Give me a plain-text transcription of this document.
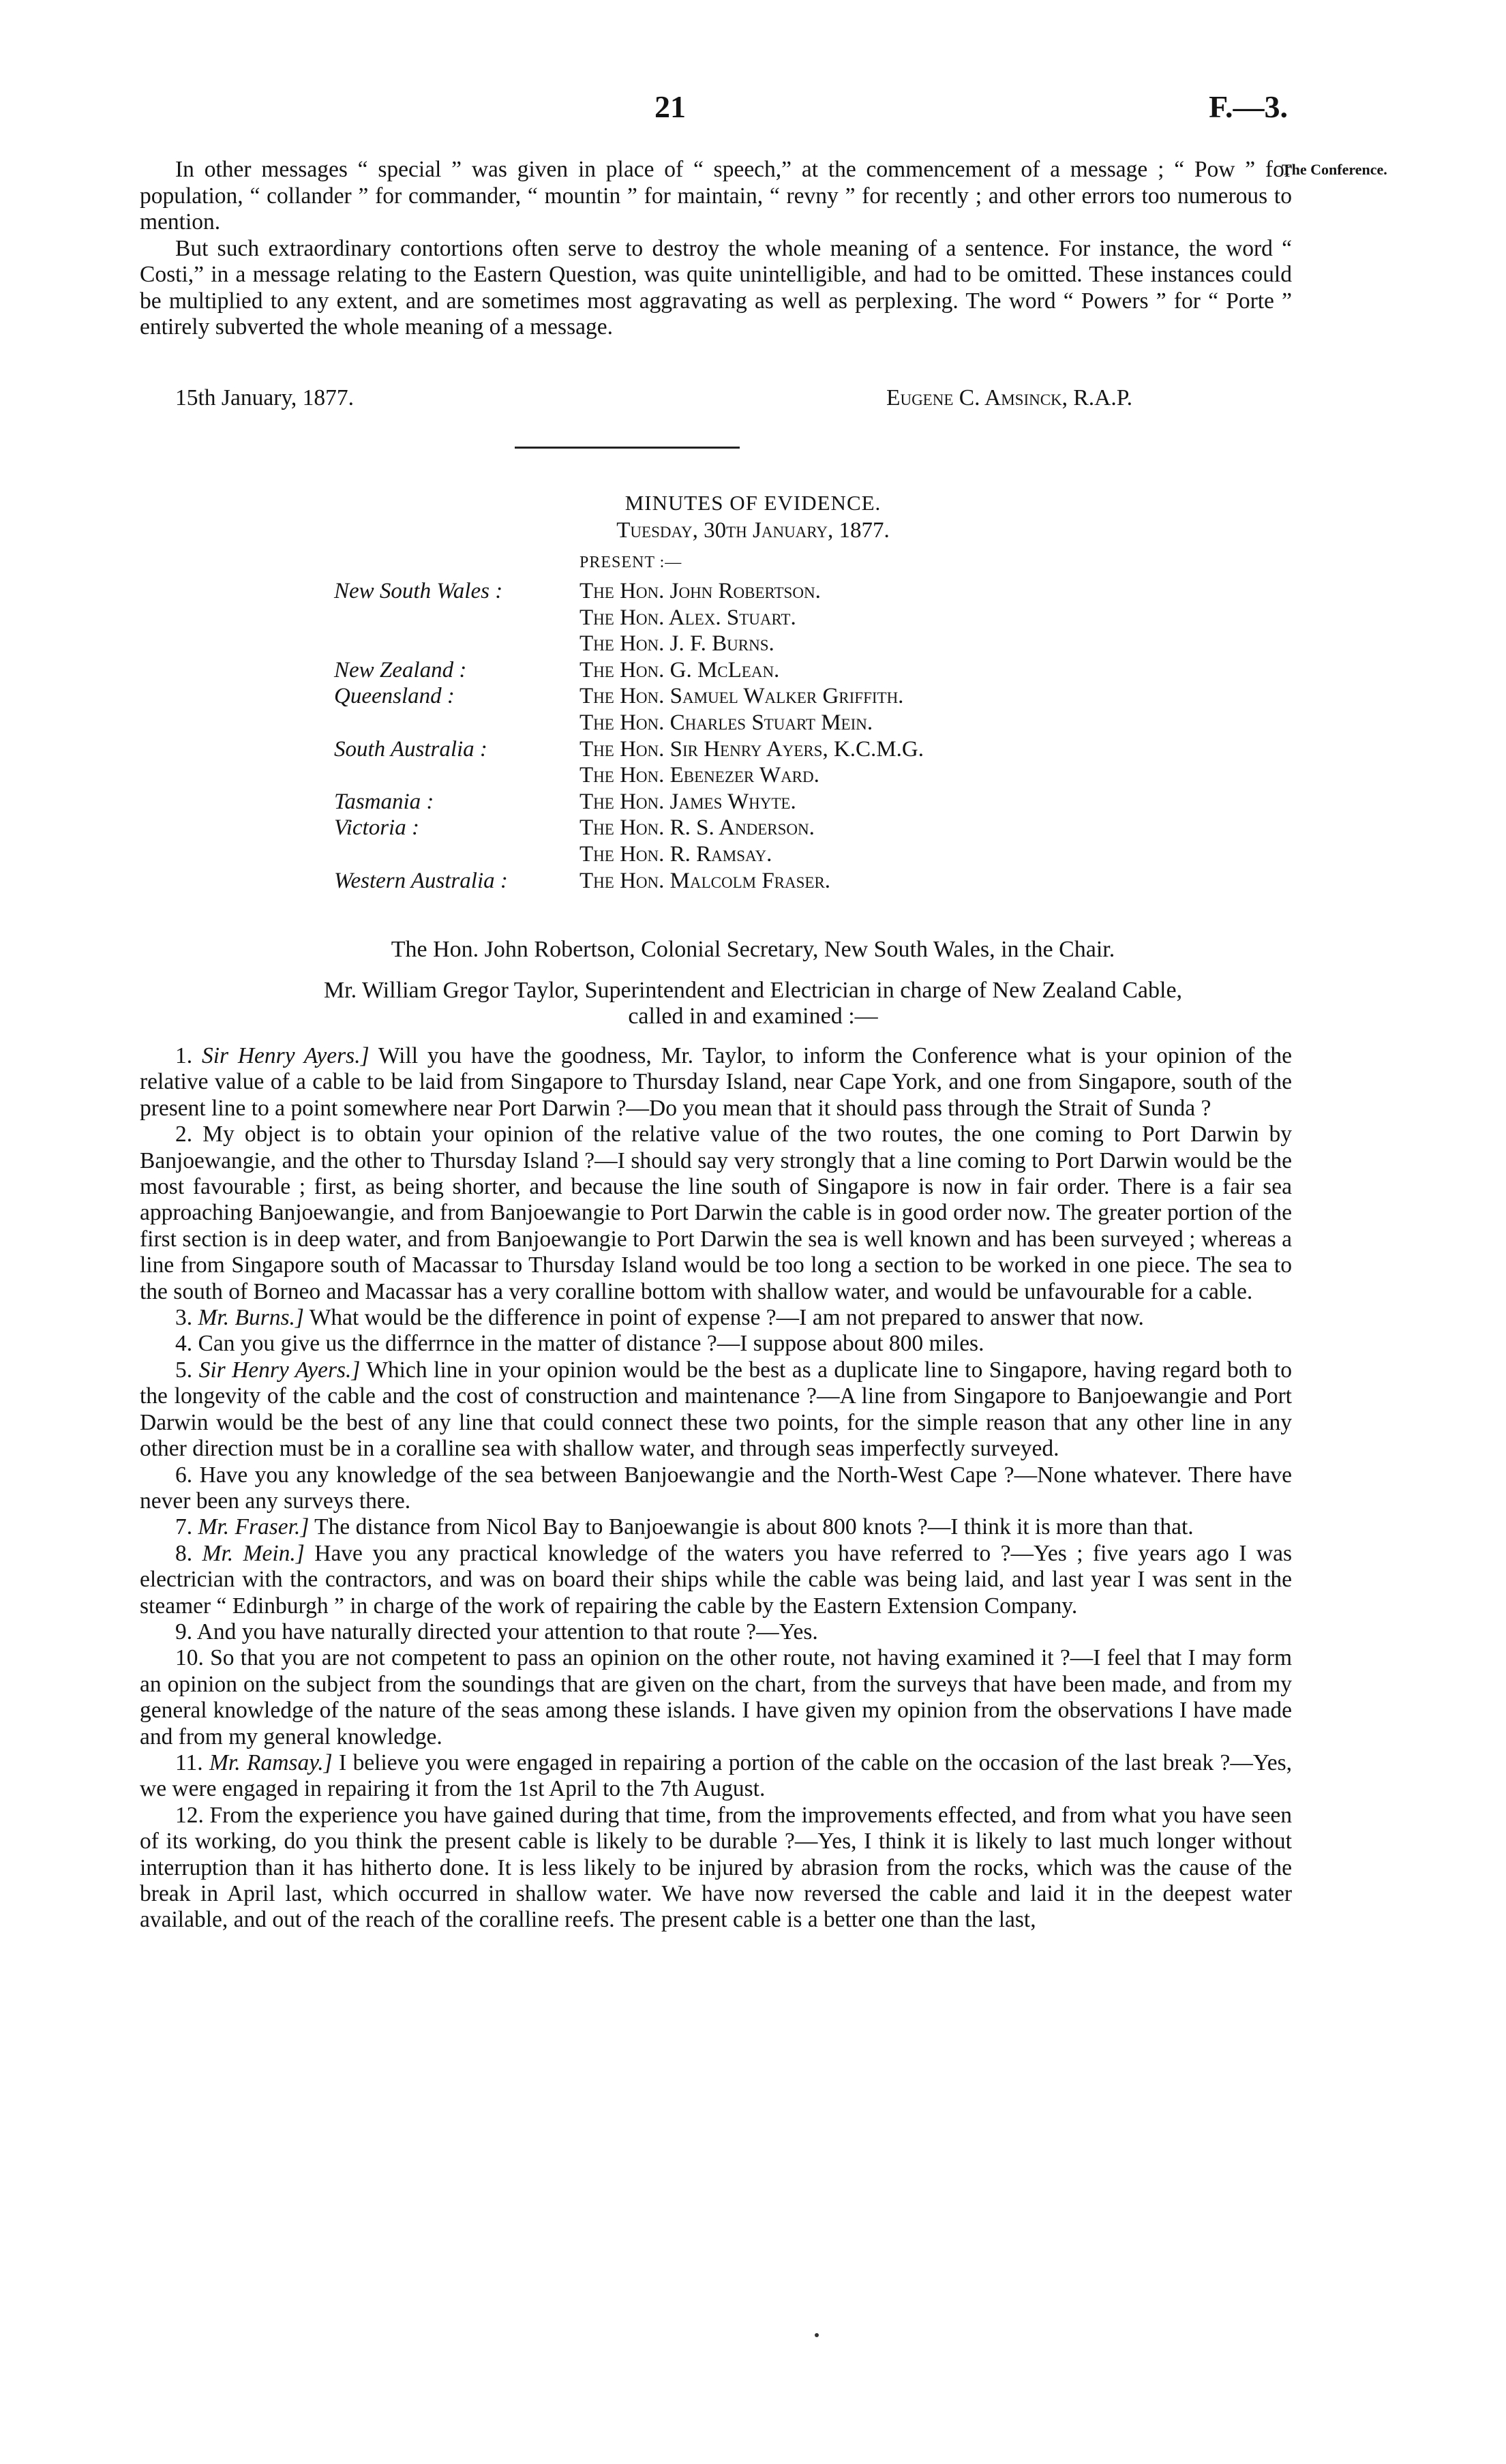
21	F.—3.
The Conference.

In other messages “ special ” was given in place of “ speech,” at the commencement of a message ; “ Pow ” for population, “ collander ” for commander, “ mountin ” for maintain, “ revny ” for recently ; and other errors too numerous to mention.

But such extraordinary contortions often serve to destroy the whole meaning of a sentence. For instance, the word “ Costi,” in a message relating to the Eastern Question, was quite unintelligible, and had to be omitted. These instances could be multiplied to any extent, and are sometimes most aggravating as well as perplexing. The word “ Powers ” for “ Porte ” entirely subverted the whole meaning of a message.

15th January, 1877.	Eugene C. Amsinck, R.A.P.
MINUTES OF EVIDENCE.
Tuesday, 30th January, 1877.
PRESENT :—
New South Wales :	The Hon. John Robertson.
The Hon. Alex. Stuart.
The Hon. J. F. Burns.
New Zealand :	The Hon. G. McLean.
Queensland :	The Hon. Samuel Walker Griffith.
The Hon. Charles Stuart Mein.
South Australia :	The Hon. Sir Henry Ayers, K.C.M.G.
The Hon. Ebenezer Ward.
Tasmania :	The Hon. James Whyte.
Victoria :	The Hon. R. S. Anderson.
The Hon. R. Ramsay.
Western Australia :	The Hon. Malcolm Fraser.
The Hon. John Robertson, Colonial Secretary, New South Wales, in the Chair.
Mr. William Gregor Taylor, Superintendent and Electrician in charge of New Zealand Cable,
called in and examined :—

1. Sir Henry Ayers.] Will you have the goodness, Mr. Taylor, to inform the Conference what is your opinion of the relative value of a cable to be laid from Singapore to Thursday Island, near Cape York, and one from Singapore, south of the present line to a point somewhere near Port Darwin ?—Do you mean that it should pass through the Strait of Sunda ?

2. My object is to obtain your opinion of the relative value of the two routes, the one coming to Port Darwin by Banjoewangie, and the other to Thursday Island ?—I should say very strongly that a line coming to Port Darwin would be the most favourable ; first, as being shorter, and because the line south of Singapore is now in fair order. There is a fair sea approaching Banjoewangie, and from Banjoewangie to Port Darwin the cable is in good order now. The greater portion of the first section is in deep water, and from Banjoewangie to Port Darwin the sea is well known and has been surveyed ; whereas a line from Singapore south of Macassar to Thursday Island would be too long a section to be worked in one piece. The sea to the south of Borneo and Macassar has a very coralline bottom with shallow water, and would be unfavourable for a cable.

3. Mr. Burns.] What would be the difference in point of expense ?—I am not prepared to answer that now.

4. Can you give us the differrnce in the matter of distance ?—I suppose about 800 miles.

5. Sir Henry Ayers.] Which line in your opinion would be the best as a duplicate line to Singapore, having regard both to the longevity of the cable and the cost of construction and maintenance ?—A line from Singapore to Banjoewangie and Port Darwin would be the best of any line that could connect these two points, for the simple reason that any other line in any other direction must be in a coralline sea with shallow water, and through seas imperfectly surveyed.

6. Have you any knowledge of the sea between Banjoewangie and the North-West Cape ?—None whatever. There have never been any surveys there.

7. Mr. Fraser.] The distance from Nicol Bay to Banjoewangie is about 800 knots ?—I think it is more than that.

8. Mr. Mein.] Have you any practical knowledge of the waters you have referred to ?—Yes ; five years ago I was electrician with the contractors, and was on board their ships while the cable was being laid, and last year I was sent in the steamer “ Edinburgh ” in charge of the work of repairing the cable by the Eastern Extension Company.

9. And you have naturally directed your attention to that route ?—Yes.

10. So that you are not competent to pass an opinion on the other route, not having examined it ?—I feel that I may form an opinion on the subject from the soundings that are given on the chart, from the surveys that have been made, and from my general knowledge of the nature of the seas among these islands. I have given my opinion from the observations I have made and from my general knowledge.

11. Mr. Ramsay.] I believe you were engaged in repairing a portion of the cable on the occasion of the last break ?—Yes, we were engaged in repairing it from the 1st April to the 7th August.

12. From the experience you have gained during that time, from the improvements effected, and from what you have seen of its working, do you think the present cable is likely to be durable ?—Yes, I think it is likely to last much longer without interruption than it has hitherto done. It is less likely to be injured by abrasion from the rocks, which was the cause of the break in April last, which occurred in shallow water. We have now reversed the cable and laid it in the deepest water available, and out of the reach of the coralline reefs. The present cable is a better one than the last,
